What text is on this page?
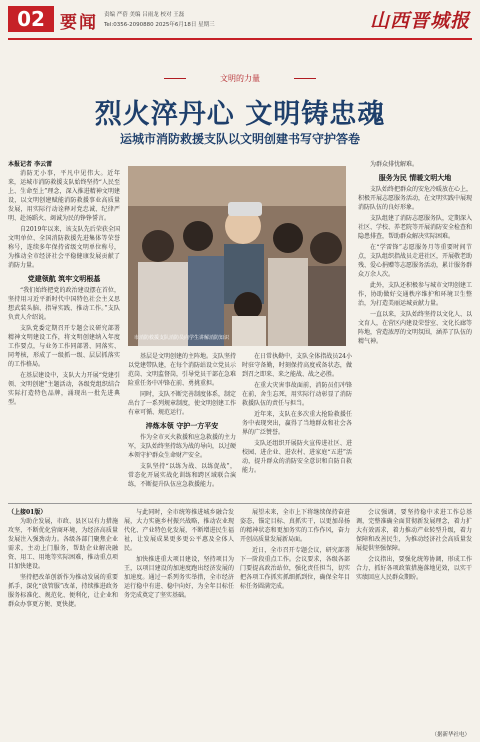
02 要闻 责编 严蓓 美编 吕雨龙 校对 王磊
Tel:0356-2090880 2025年6月18日 星期三	山西晋城报
文明的力量
烈火淬丹心 文明铸忠魂
运城市消防救援支队以文明创建书写守护答卷
本报记者 李云雷

消防无小事，平凡中见伟大。近年来，运城市消防救援支队始终坚持“人民至上、生命至上”理念，深入推进精神文明建设，以文明创建赋能消防救援事业高质量发展，用实际行动诠释对党忠诚、纪律严明、赴汤蹈火、竭诚为民的铮铮誓言。

自2019年以来，该支队先后荣获全国文明单位、全国消防救援先进集体等荣誉称号，连续多年保持省级文明单位称号，为推动全市经济社会平稳健康发展贡献了消防力量。

党建领航 筑牢文明根基

“我们始终把党的政治建设摆在首位，坚持用习近平新时代中国特色社会主义思想武装头脑、指导实践、推动工作。”支队负责人介绍说。

支队党委定期召开专题会议研究部署精神文明建设工作，将文明创建纳入年度工作要点，与业务工作同部署、同落实、同考核，形成了一级抓一级、层层抓落实的工作格局。

在基层建设中，支队大力开展“党建引领、文明创建”主题活动，各级党组织结合实际打造特色品牌，涌现出一批先进典型。

市消防救援支队消防员向学生讲解消防知识

基层是文明创建的主阵地。支队坚持以党建带队建，在每个消防站设立党员示范岗、文明监督岗，引导党员干部在急难险重任务中冲锋在前、勇挑重担。

同时，支队不断完善制度体系，制定出台了一系列规章制度，使文明创建工作有章可循、规范运行。

淬炼本领 守护一方平安

作为全市灭火救援和应急救援的主力军，支队始终坚持练为战的导向，以过硬本领守护群众生命财产安全。

支队坚持“以练为战、以练促战”，常态化开展实战化训练和跨区域联合演练，不断提升队伍应急救援能力。

在日常执勤中，支队全体指战员24小时驻守备勤，时刻保持高度戒备状态，做到召之即来、来之能战、战之必胜。

在重大灾害事故面前，消防员们冲锋在前，舍生忘死，用实际行动彰显了消防救援队伍的责任与担当。

近年来，支队在多次重大抢险救援任务中表现突出，赢得了当地群众和社会各界的广泛赞誉。

支队还组织开展防火宣传进社区、进校园、进企业、进农村、进家庭“五进”活动，提升群众的消防安全意识和自防自救能力。

为群众排忧解难。

服务为民 情暖文明大地

支队始终把群众的安危冷暖放在心上，积极开展志愿服务活动，在文明实践中展现消防队伍的良好形象。

支队组建了消防志愿服务队，定期深入社区、学校、养老院等开展消防安全检查和隐患排查，帮助群众解决实际困难。

在“学雷锋”志愿服务月等重要时间节点，支队组织指战员走进社区，开展敬老助残、爱心捐赠等志愿服务活动，累计服务群众万余人次。

此外，支队还积极参与城市文明创建工作，协助做好交通秩序维护和环境卫生整治，为打造美丽运城贡献力量。

一直以来，支队始终坚持以文化人、以文育人，在营区内建设荣誉室、文化长廊等阵地，营造浓厚的文明氛围，涵养了队伍的精气神。

（上接01版）

为助企发展，市政、县区以有力措施攻坚，不断优化营商环境，为经济高质量发展注入强劲动力。各级各部门聚焦企业需求，主动上门服务，帮助企业解决融资、用工、用地等实际困难，推动重点项目加快建设。

坚持把改革创新作为推动发展的重要抓手，深化“放管服”改革，持续推进政务服务标准化、规范化、便利化，让企业和群众办事更方便、更快捷。

与此同时，全市统筹推进城乡融合发展，大力实施乡村振兴战略，推动农业现代化、产业特色化发展，不断增进民生福祉，让发展成果更多更公平惠及全体人民。

加快推进重大项目建设，坚持项目为王，以项目建设的加速度跑出经济发展的加速度。通过一系列务实举措，全市经济运行稳中有进、稳中向好，为全年目标任务完成奠定了坚实基础。

展望未来，全市上下将继续保持奋进姿态，锚定目标、真抓实干，以更加昂扬的精神状态和更加务实的工作作风，奋力开创高质量发展新局面。

近日，全市召开专题会议，研究部署下一阶段重点工作。会议要求，各级各部门要提高政治站位，强化责任担当，切实把各项工作抓实抓细抓到位，确保全年目标任务圆满完成。

会议强调，要坚持稳中求进工作总基调，完整准确全面贯彻新发展理念，着力扩大有效需求，着力推动产业转型升级，着力保障和改善民生，为推动经济社会高质量发展提供坚强保障。

会议指出，要强化统筹协调，形成工作合力，抓好各项政策措施落地见效，以实干实绩回应人民群众期盼。

（据新华社电）
